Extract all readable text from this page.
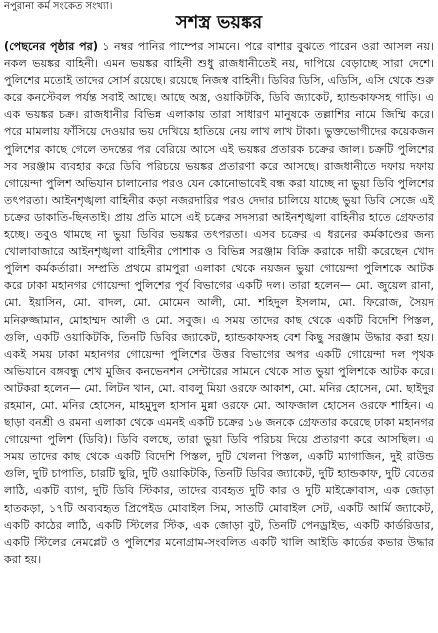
নপুরানা কর্ম সংকেত সংখ্যা।
সশস্ত্র ভয়ঙ্কর
(পেছনের পৃষ্ঠার পর) ১ নম্বর পানির পাম্পের সামনে। পরে বাশার বুঝতে পারেন ওরা আসল নয়। নকল ভয়ঙ্কর বাহিনী। এমন ভয়ঙ্কর বাহিনী শুধু রাজধানীতেই নয়, দাপিয়ে বেড়াচ্ছে সারা দেশে। পুলিশের মতোই তাদের সোর্স রয়েছে। রয়েছে নিজস্ব বাহিনী। ডিবির ডিসি, এডিসি, এসি থেকে শুরু করে কনস্টেবল পর্যন্ত সবাই আছে। আছে অস্ত্র, ওয়াকিটকি, ডিবি জ্যাকেট, হ্যান্ডকাফসহ গাড়ি। এ এক ভয়ঙ্কর চক্র। রাজধানীর বিভিন্ন এলাকায় তারা সাধারণ মানুষকে তল্লাশির নামে জিম্মি করে। পরে মামলায় ফাঁসিয়ে দেওয়ার ভয় দেখিয়ে হাতিয়ে নেয় লাখ লাখ টাকা। ভুক্তভোগীদের কয়েকজন পুলিশের কাছে গেলে তদন্তের পর বেরিয়ে আসে এই ভয়ঙ্কর প্রতারক চক্রের জাল। চক্রটি পুলিশের সব সরঞ্জাম ব্যবহার করে ডিবি পরিচয়ে ভয়ঙ্কর প্রতারণা করে আসছে। রাজধানীতে দফায় দফায় গোয়েন্দা পুলিশ অভিযান চালানোর পরও যেন কোনোভাবেই বন্ধ করা যাচ্ছে না ভুয়া ডিবি পুলিশের তৎপরতা। আইনশৃঙ্খলা বাহিনীর কড়া নজরদারির পরও দেদার চালিয়ে যাচ্ছে ভুয়া ডিবি সেজে এই চক্রের ডাকাতি-ছিনতাই। প্রায় প্রতি মাসে এই চক্রের সদস্যরা আইনশৃঙ্খলা বাহিনীর হাতে গ্রেফতার হচ্ছে। তবুও থামছে না ভুয়া ডিবির ভয়ঙ্কর তৎপরতা। এসব চক্রের এ ধরনের কর্মকাণ্ডের জন্য খোলাবাজারে আইনশৃঙ্খলা বাহিনীর পোশাক ও বিভিন্ন সরঞ্জাম বিক্রি করাকে দায়ী করেছেন খোদ পুলিশ কর্মকর্তারা। সম্প্রতি প্রথমে রামপুরা এলাকা থেকে নয়জন ভুয়া গোয়েন্দা পুলিশকে আটক করে ঢাকা মহানগর গোয়েন্দা পুলিশের পূর্ব বিভাগের একটি দল। তারা হলেন— মো. জুয়েল রানা, মো. ইয়াসিন, মো. বাদল, মো. মোমেন আলী, মো. শহিদুল ইসলাম, মো. ফিরোজ, সৈয়দ মনিরুজ্জামান, মোহাম্মদ আলী ও মো. সবুজ। এ সময় তাদের কাছ থেকে একটি বিদেশি পিস্তল, গুলি, একটি ওয়াকিটকি, তিনটি ডিবির জ্যাকেট, হ্যান্ডকাফসহ বেশ কিছু সরঞ্জাম উদ্ধার করা হয়। একই সময় ঢাকা মহানগর গোয়েন্দা পুলিশের উত্তর বিভাগের অপর একটি গোয়েন্দা দল পৃথক অভিযানে বঙ্গবন্ধু শেখ মুজিব কনভেনশন সেন্টারের সামনে থেকে সাত ভুয়া পুলিশকে আটক করে। আটকরা হলেন— মো. লিটন খান, মো. বাবলু মিয়া ওরফে আকাশ, মো. মনির হোসেন, মো. ছাইদুর রহমান, মো. মনির হোসেন, মাহমুদুল হাসান মুন্না ওরফে মো. আফজাল হোসেন ওরফে শাহিন। এ ছাড়া বনশ্রী ও রমনা এলাকা থেকে এমনই একটি চক্রের ১৬ জনকে গ্রেফতার করেছে ঢাকা মহানগর গোয়েন্দা পুলিশ (ডিবি)। ডিবি বলছে, তারা ভুয়া ডিবি পরিচয় দিয়ে প্রতারণা করে আসছিল। এ সময় তাদের কাছ থেকে একটি বিদেশি পিস্তল, দুটি খেলনা পিস্তল, একটি ম্যাগাজিন, দুই রাউন্ড গুলি, দুটি চাপাতি, চারটি ছুরি, দুটি ওয়াকিটকি, তিনটি ডিবির জ্যাকেট, দুটি হ্যান্ডকাফ, দুটি বেতের লাঠি, একটি ব্যাগ, দুটি ডিবি স্টিকার, তাদের ব্যবহৃত দুটি কার ও দুটি মাইক্রোবাস, এক জোড়া হাতকড়া, ১৭টি অব্যবহৃত প্রিপেইড মোবাইল সিম, সাতটি মোবাইল সেট, একটি আর্মি জ্যাকেট, একটি কাঠের লাঠি, একটি স্টিলের স্টিক, এক জোড়া বুট, তিনটি পেনড্রাইভ, একটি কার্ডরিডার, একটি স্টিলের নেমপ্লেট ও পুলিশের মনোগ্রাম-সংবলিত একটি খালি আইডি কার্ডের কভার উদ্ধার করা হয়।
